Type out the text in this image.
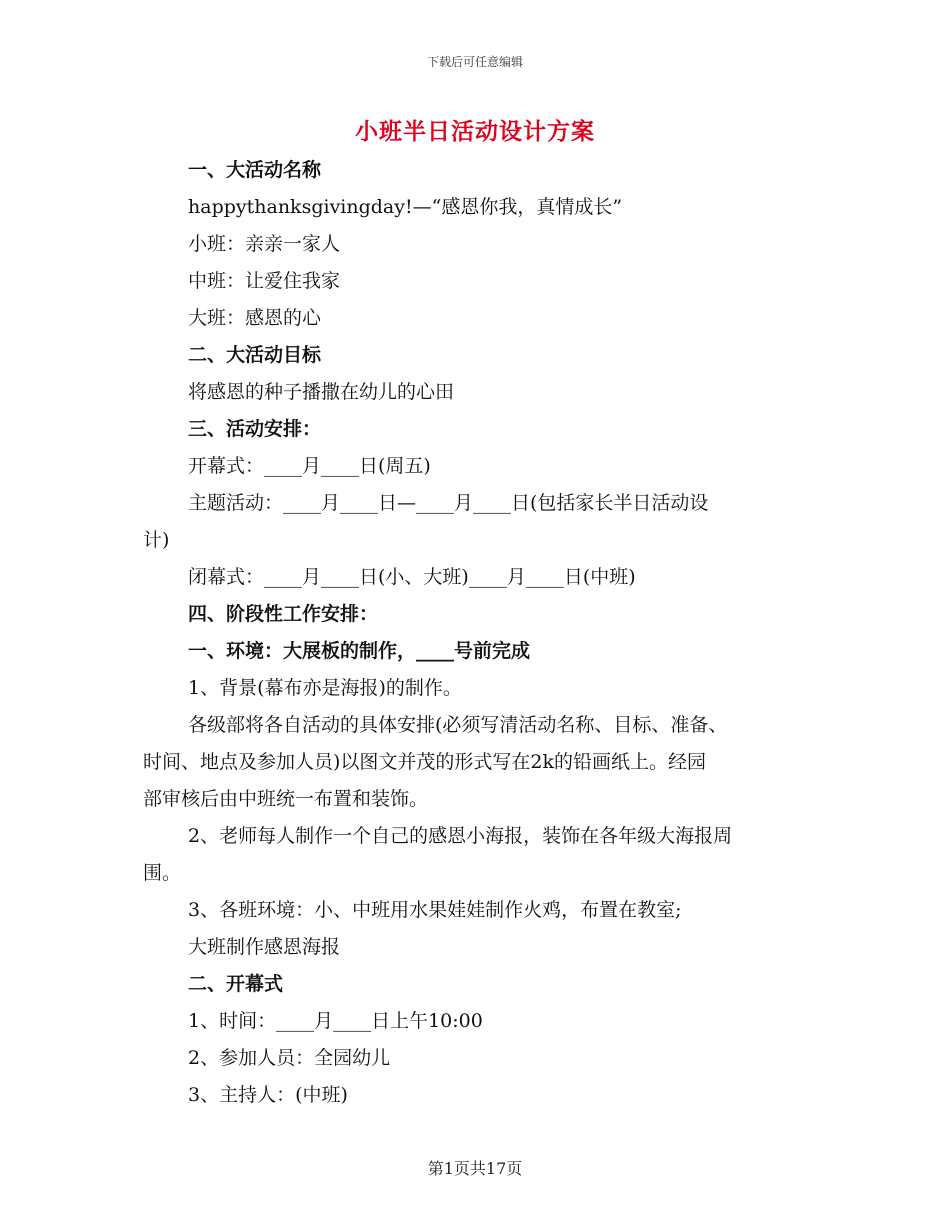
下载后可任意编辑
小班半日活动设计方案
一、大活动名称
happythanksgivingday!—“感恩你我，真情成长”
小班：亲亲一家人
中班：让爱住我家
大班：感恩的心
二、大活动目标
将感恩的种子播撒在幼儿的心田
三、活动安排：
开幕式：____月____日(周五)
主题活动：____月____日—____月____日(包括家长半日活动设
计)
闭幕式：____月____日(小、大班)____月____日(中班)
四、阶段性工作安排：
一、环境：大展板的制作，____号前完成
1、背景(幕布亦是海报)的制作。
各级部将各自活动的具体安排(必须写清活动名称、目标、准备、
时间、地点及参加人员)以图文并茂的形式写在2k的铅画纸上。经园
部审核后由中班统一布置和装饰。
2、老师每人制作一个自己的感恩小海报，装饰在各年级大海报周
围。
3、各班环境：小、中班用水果娃娃制作火鸡，布置在教室;
大班制作感恩海报
二、开幕式
1、时间：____月____日上午10:00
2、参加人员：全园幼儿
3、主持人：(中班)
第1页共17页
